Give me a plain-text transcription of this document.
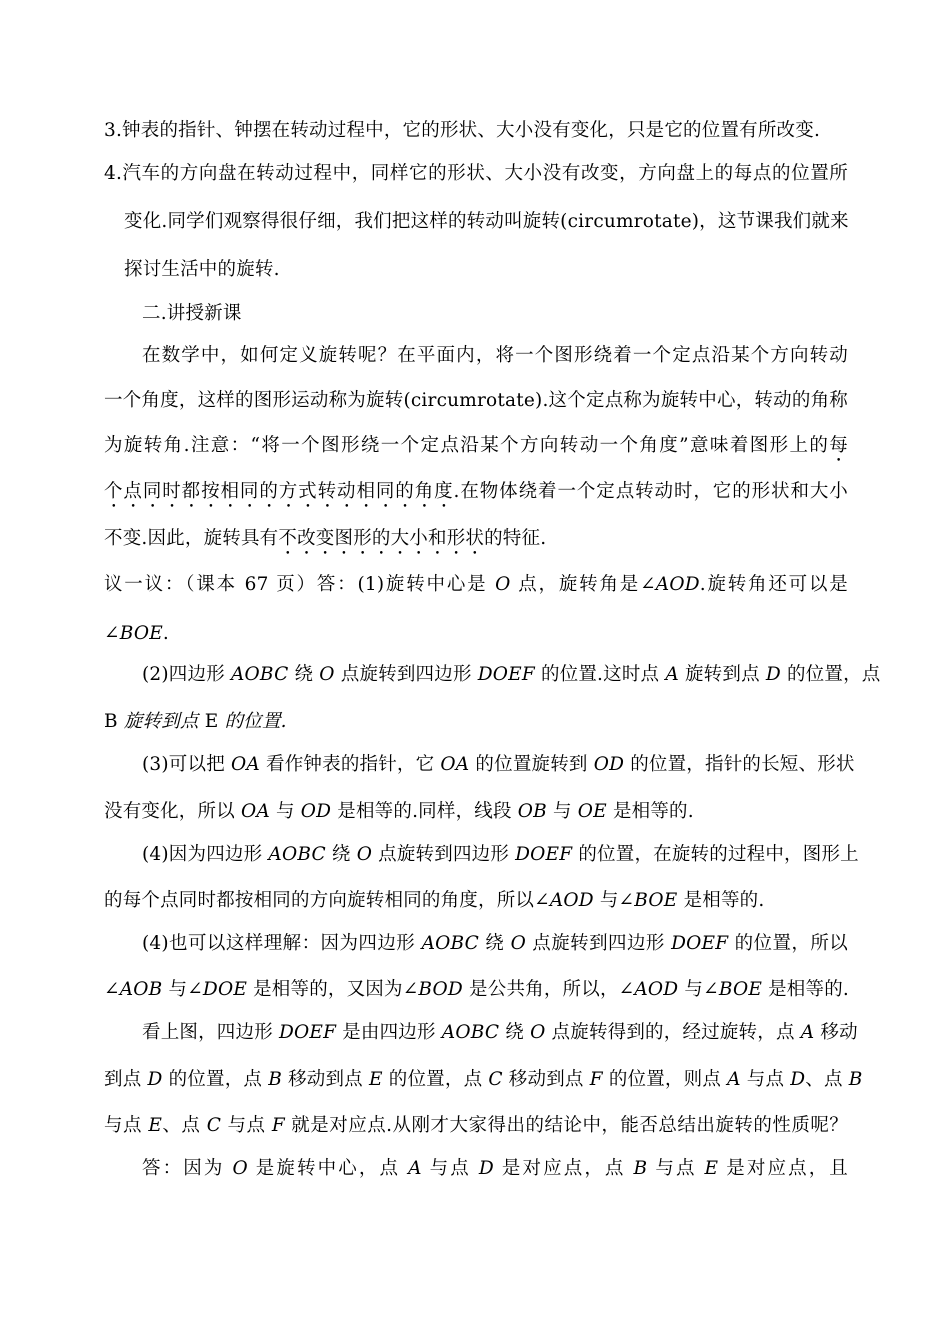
3.钟表的指针、钟摆在转动过程中，它的形状、大小没有变化，只是它的位置有所改变.
4.汽车的方向盘在转动过程中，同样它的形状、大小没有改变，方向盘上的每点的位置所
变化.同学们观察得很仔细，我们把这样的转动叫旋转(circumrotate)，这节课我们就来
探讨生活中的旋转.
二.讲授新课
在数学中，如何定义旋转呢？在平面内，将一个图形绕着一个定点沿某个方向转动
一个角度，这样的图形运动称为旋转(circumrotate).这个定点称为旋转中心，转动的角称
为旋转角.注意：“将一个图形绕一个定点沿某个方向转动一个角度”意味着图形上的每
个点同时都按相同的方式转动相同的角度.在物体绕着一个定点转动时，它的形状和大小
不变.因此，旋转具有不改变图形的大小和形状的特征.
议一议：（课本 67 页）答：(1)旋转中心是 O 点，旋转角是∠AOD.旋转角还可以是
∠BOE.
(2)四边形 AOBC 绕 O 点旋转到四边形 DOEF 的位置.这时点 A 旋转到点 D 的位置，点
B 旋转到点 E 的位置.
(3)可以把 OA 看作钟表的指针，它 OA 的位置旋转到 OD 的位置，指针的长短、形状
没有变化，所以 OA 与 OD 是相等的.同样，线段 OB 与 OE 是相等的.
(4)因为四边形 AOBC 绕 O 点旋转到四边形 DOEF 的位置，在旋转的过程中，图形上
的每个点同时都按相同的方向旋转相同的角度，所以∠AOD 与∠BOE 是相等的.
(4)也可以这样理解：因为四边形 AOBC 绕 O 点旋转到四边形 DOEF 的位置，所以
∠AOB 与∠DOE 是相等的，又因为∠BOD 是公共角，所以，∠AOD 与∠BOE 是相等的.
看上图，四边形 DOEF 是由四边形 AOBC 绕 O 点旋转得到的，经过旋转，点 A 移动
到点 D 的位置，点 B 移动到点 E 的位置，点 C 移动到点 F 的位置，则点 A 与点 D、点 B
与点 E、点 C 与点 F 就是对应点.从刚才大家得出的结论中，能否总结出旋转的性质呢？
答：因为 O 是旋转中心，点 A 与点 D 是对应点，点 B 与点 E 是对应点，且
